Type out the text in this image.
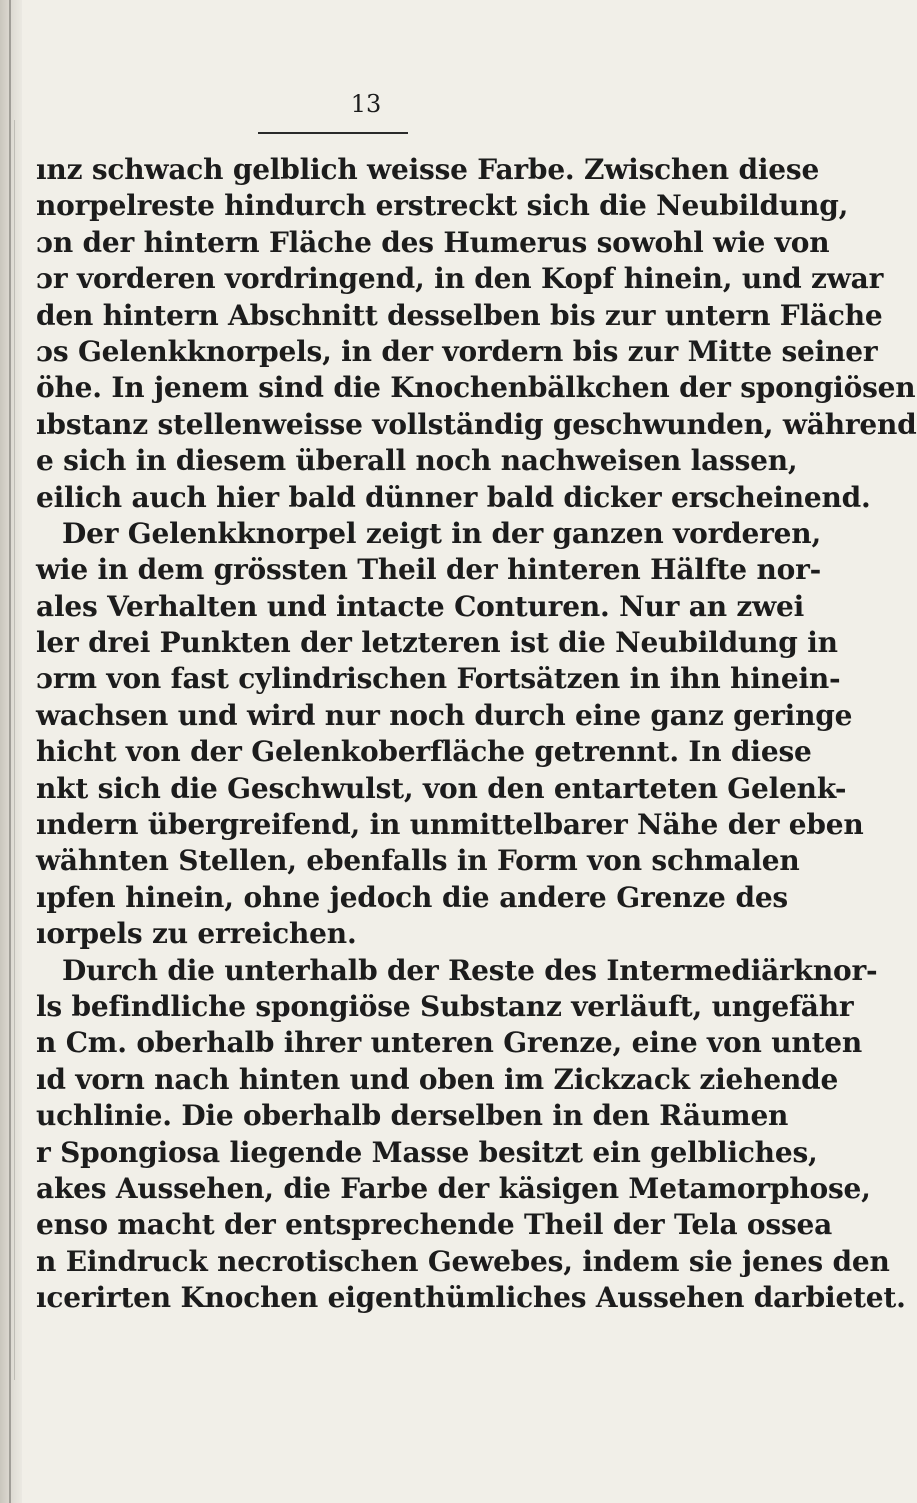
13
ınz schwach gelblich weisse Farbe. Zwischen diese
norpelreste hindurch erstreckt sich die Neubildung,
ɔn der hintern Fläche des Humerus sowohl wie von
ɔr vorderen vordringend, in den Kopf hinein, und zwar
den hintern Abschnitt desselben bis zur untern Fläche
ɔs Gelenkknorpels, in der vordern bis zur Mitte seiner
öhe. In jenem sind die Knochenbälkchen der spongiösen
ıbstanz stellenweisse vollständig geschwunden, während
e sich in diesem überall noch nachweisen lassen,
eilich auch hier bald dünner bald dicker erscheinend.
Der Gelenkknorpel zeigt in der ganzen vorderen,
wie in dem grössten Theil der hinteren Hälfte nor-
ales Verhalten und intacte Conturen. Nur an zwei
ler drei Punkten der letzteren ist die Neubildung in
ɔrm von fast cylindrischen Fortsätzen in ihn hinein-
wachsen und wird nur noch durch eine ganz geringe
hicht von der Gelenkoberfläche getrennt. In diese
nkt sich die Geschwulst, von den entarteten Gelenk-
ındern übergreifend, in unmittelbarer Nähe der eben
wähnten Stellen, ebenfalls in Form von schmalen
ıpfen hinein, ohne jedoch die andere Grenze des
ıorpels zu erreichen.
Durch die unterhalb der Reste des Intermediärknor-
ls befindliche spongiöse Substanz verläuft, ungefähr
n Cm. oberhalb ihrer unteren Grenze, eine von unten
ıd vorn nach hinten und oben im Zickzack ziehende
uchlinie. Die oberhalb derselben in den Räumen
r Spongiosa liegende Masse besitzt ein gelbliches,
akes Aussehen, die Farbe der käsigen Metamorphose,
enso macht der entsprechende Theil der Tela ossea
n Eindruck necrotischen Gewebes, indem sie jenes den
ıcerirten Knochen eigenthümliches Aussehen darbietet.
